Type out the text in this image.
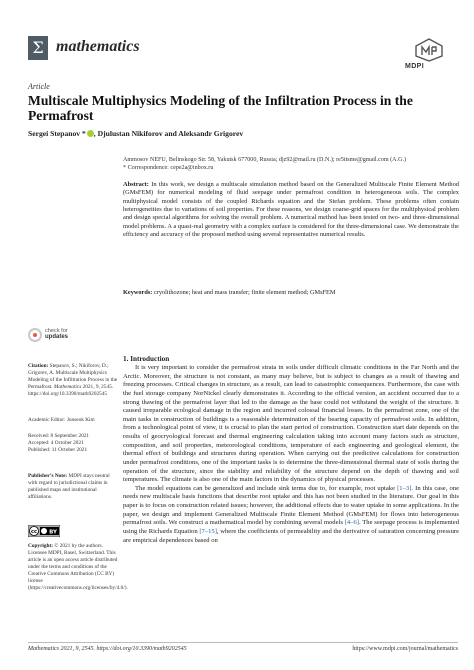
Σ mathematics
MDPI
Article
Multiscale Multiphysics Modeling of the Infiltration Process in the Permafrost
Sergei Stepanov * , Djulustan Nikiforov and Aleksandr Grigorev
Ammosov NEFU, Belinskogo Str. 58, Yakutsk 677000, Russia; djz92@mail.ru (D.N.); re5itsme@gmail.com (A.G.)
* Correspondence: cepe2a@inbox.ru
Abstract: In this work, we design a multiscale simulation method based on the Generalized Multiscale Finite Element Method (GMsFEM) for numerical modeling of fluid seepage under permafrost condition in heterogeneous soils. The complex multiphysical model consists of the coupled Richards equation and the Stefan problem. These problems often contain heterogeneities due to variations of soil properties. For these reasons, we design coarse-grid spaces for the multiphysical problem and design special algorithms for solving the overall problem. A numerical method has been tested on two- and three-dimensional model problems. A a quasi-real geometry with a complex surface is considered for the three-dimensional case. We demonstrate the efficiency and accuracy of the proposed method using several representative numerical results.
Keywords: cryolithozone; heat and mass transfer; finite element method; GMsFEM
check for
updates
Citation: Stepanov, S.; Nikiforov, D.; Grigorev, A. Multiscale Multiphysics Modeling of the Infiltration Process in the Permafrost. Mathematics 2021, 9, 2545. https://doi.org/10.3390/math9202545
Academic Editor: Junseok Kim
Received: 8 September 2021
Accepted: 4 October 2021
Published: 11 October 2021
Publisher’s Note: MDPI stays neutral with regard to jurisdictional claims in published maps and institutional affiliations.
cc BY
Copyright: © 2021 by the authors. Licensee MDPI, Basel, Switzerland. This article is an open access article distributed under the terms and conditions of the Creative Commons Attribution (CC BY) license (https://creativecommons.org/licenses/by/4.0/).
1. Introduction

It is very important to consider the permafrost strata in soils under difficult climatic conditions in the Far North and the Arctic. Moreover, the structure is not constant, as many may believe, but is subject to changes as a result of thawing and freezing processes. Critical changes in structure, as a result, can lead to catastrophic consequences. Furthermore, the case with the fuel storage company NorNickel clearly demonstrates it. According to the official version, an accident occurred due to a strong thawing of the permafrost layer that led to the damage as the base could not withstand the weight of the structure. It caused irreparable ecological damage in the region and incurred colossal financial losses. In the permafrost zone, one of the main tasks in construction of buildings is a reasonable determination of the bearing capacity of permafrost soils. In addition, from a technological point of view, it is crucial to plan the start period of construction. Construction start date depends on the results of geocryological forecast and thermal engineering calculation taking into account many factors such as structure, composition, and soil properties, meteorological conditions, temperature of each engineering and geological element, the thermal effect of buildings and structures during operation. When carrying out the predictive calculations for construction under permafrost conditions, one of the important tasks is to determine the three-dimensional thermal state of soils during the operation of the structure, since the stability and reliability of the structure depend on the depth of thawing and soil temperatures. The climate is also one of the main factors in the dynamics of physical processes.

The model equations can be generalized and include sink terms due to, for example, root uptake [1–3]. In this case, one needs new multiscale basis functions that describe root uptake and this has not been studied in the literature. Our goal in this paper is to focus on construction related issues; however, the additional effects due to water uptake in some applications. In the paper, we design and implement Generalized Multiscale Finite Element Method (GMsFEM) for flows into heterogeneous permafrost soils. We construct a mathematical model by combining several models [4–6]. The seepage process is implemented using the Richards Equation [7–15], where the coefficients of permeability and the derivative of saturation concerning pressure are empirical dependences based on

Mathematics 2021, 9, 2545. https://doi.org/10.3390/math9202545	https://www.mdpi.com/journal/mathematics
